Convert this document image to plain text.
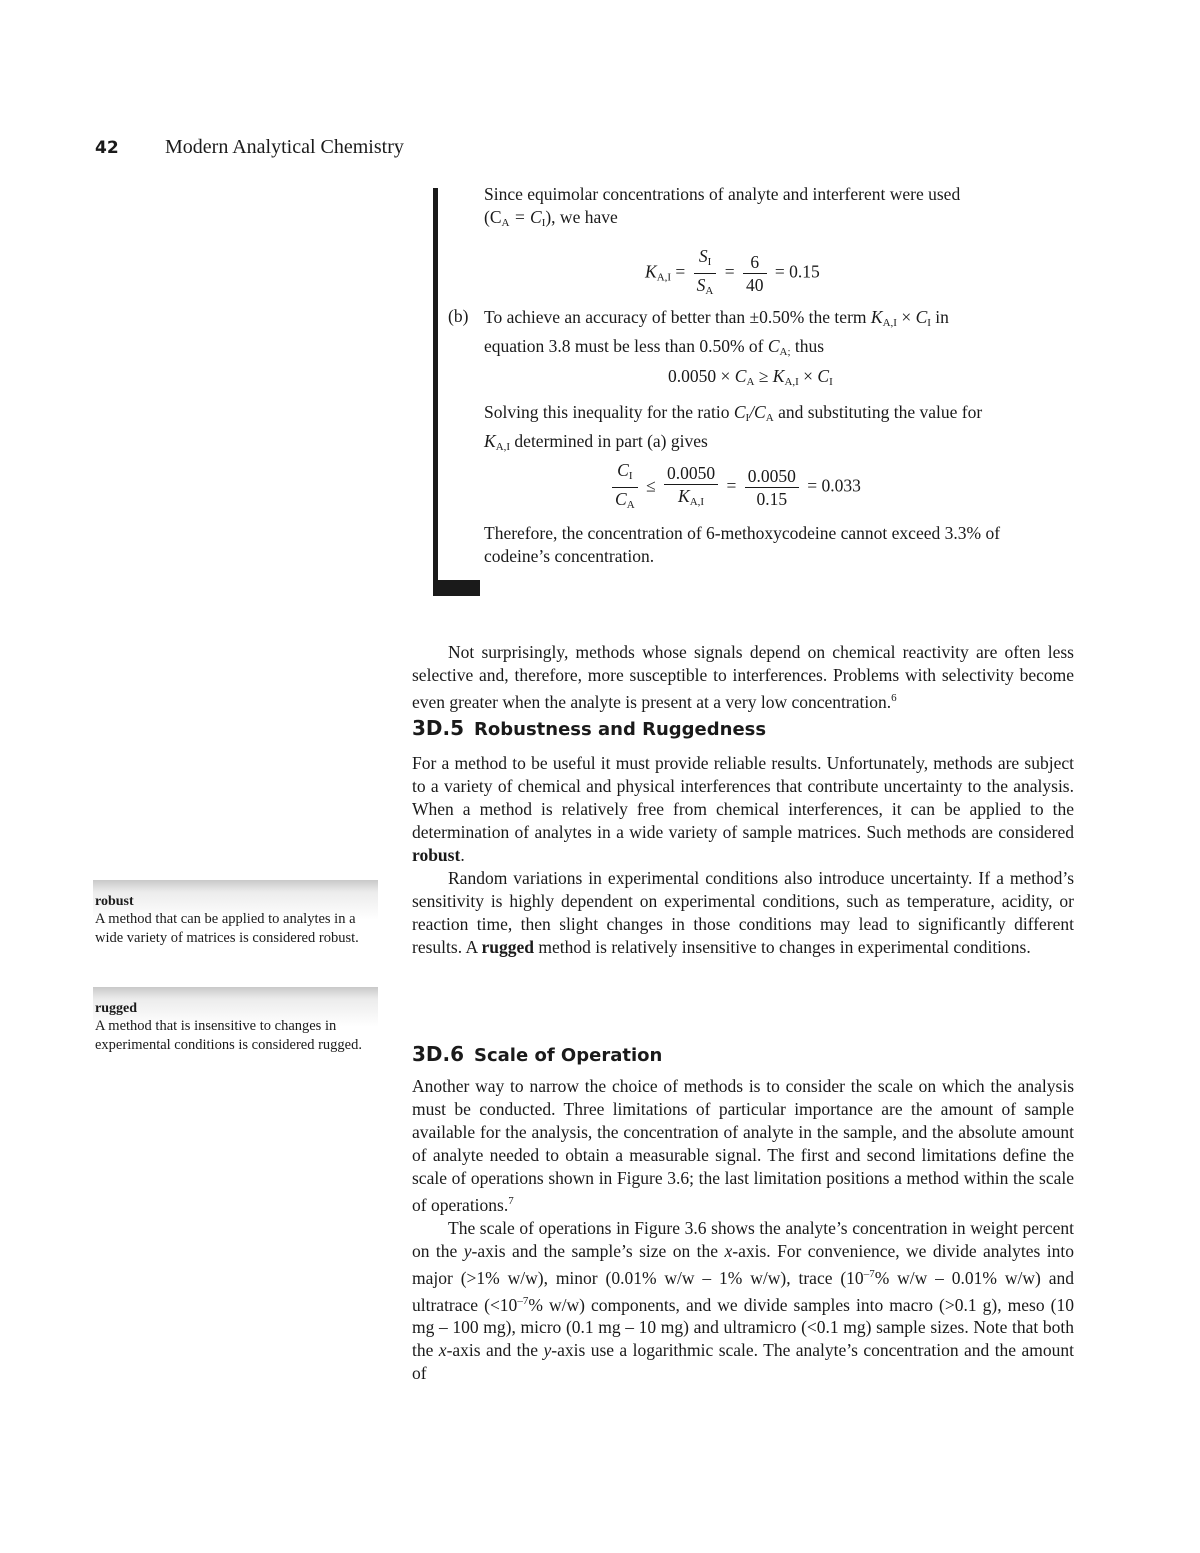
42 Modern Analytical Chemistry
Since equimolar concentrations of analyte and interferent were used
$(C_A = C_I)$, we have
$K_{A,I} = \frac{S_I}{S_A} = \frac{6}{40} = 0.15$
(b) To achieve an accuracy of better than ±0.50% the term $K_{A,I} \times C_I$ in
equation 3.8 must be less than 0.50% of $C_{A;}$ thus
$0.0050 \times C_A \ge K_{A,I} \times C_I$
Solving this inequality for the ratio $C_I/C_A$ and substituting the value for
$K_{A,I}$ determined in part (a) gives
$\frac{C_I}{C_A} \le \frac{0.0050}{K_{A,I}} = \frac{0.0050}{0.15} = 0.033$
Therefore, the concentration of 6-methoxycodeine cannot exceed 3.3% of
codeine’s concentration.

Not surprisingly, methods whose signals depend on chemical reactivity are often less selective and, therefore, more susceptible to interferences. Problems with selectivity become even greater when the analyte is present at a very low concentration.$^6$

3D.5 Robustness and Ruggedness

For a method to be useful it must provide reliable results. Unfortunately, methods are subject to a variety of chemical and physical interferences that contribute uncertainty to the analysis. When a method is relatively free from chemical interferences, it can be applied to the determination of analytes in a wide variety of sample matrices. Such methods are considered robust.

Random variations in experimental conditions also introduce uncertainty. If a method’s sensitivity is highly dependent on experimental conditions, such as temperature, acidity, or reaction time, then slight changes in those conditions may lead to significantly different results. A rugged method is relatively insensitive to changes in experimental conditions.

robust
A method that can be applied to analytes in a wide variety of matrices is considered robust.
rugged
A method that is insensitive to changes in experimental conditions is considered rugged.	3D.6 Scale of Operation

Another way to narrow the choice of methods is to consider the scale on which the analysis must be conducted. Three limitations of particular importance are the amount of sample available for the analysis, the concentration of analyte in the sample, and the absolute amount of analyte needed to obtain a measurable signal. The first and second limitations define the scale of operations shown in Figure 3.6; the last limitation positions a method within the scale of operations.$^7$

The scale of operations in Figure 3.6 shows the analyte’s concentration in weight percent on the y-axis and the sample’s size on the x-axis. For convenience, we divide analytes into major (>1% w/w), minor (0.01% w/w – 1% w/w), trace ($10^{-7}\%$ w/w – 0.01% w/w) and ultratrace ($<10^{-7}\%$ w/w) components, and we divide samples into macro (>0.1 g), meso (10 mg – 100 mg), micro (0.1 mg – 10 mg) and ultramicro (<0.1 mg) sample sizes. Note that both the x-axis and the y-axis use a logarithmic scale. The analyte’s concentration and the amount of
